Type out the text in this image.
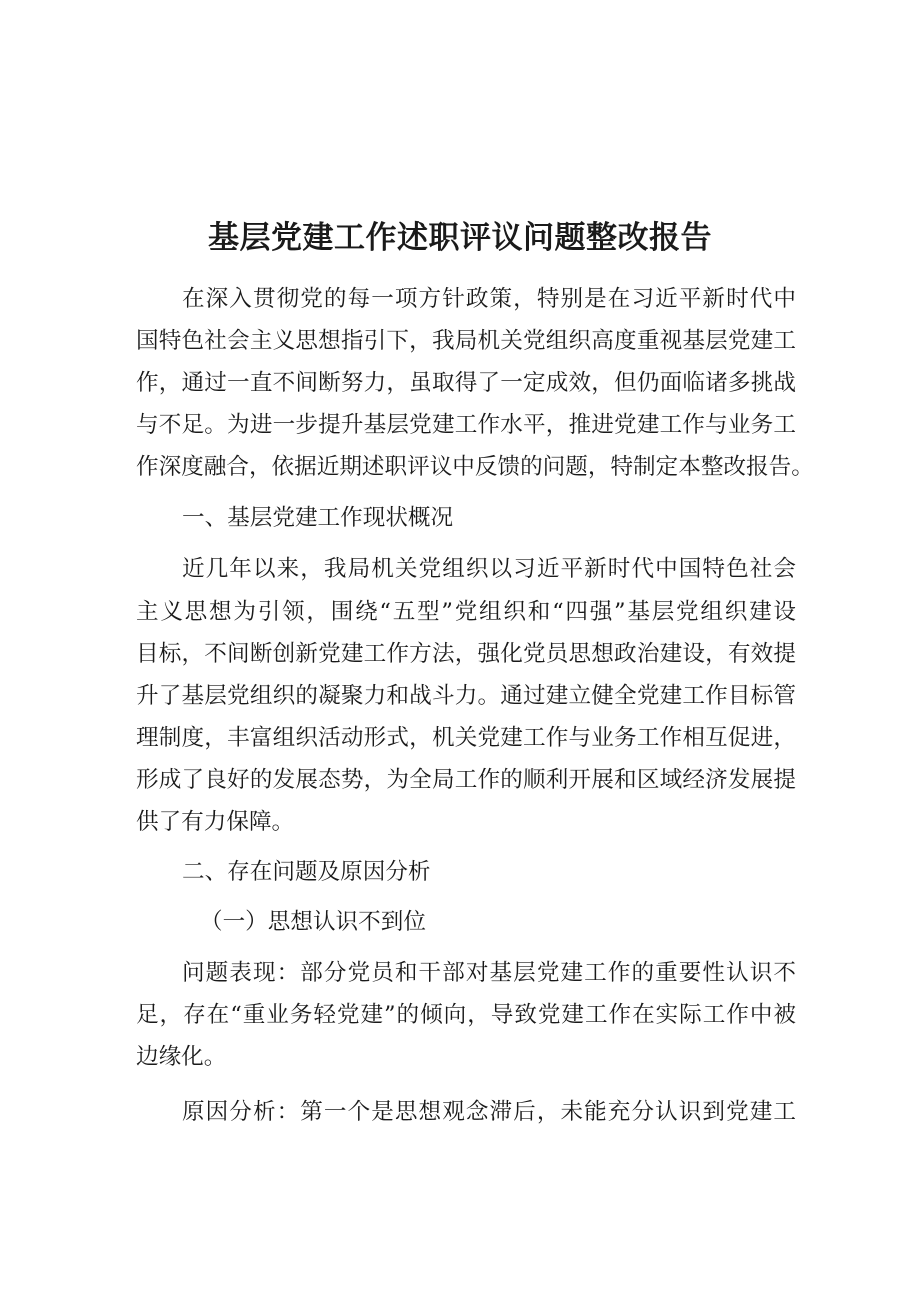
基层党建工作述职评议问题整改报告
在深入贯彻党的每一项方针政策，特别是在习近平新时代中
国特色社会主义思想指引下，我局机关党组织高度重视基层党建工
作，通过一直不间断努力，虽取得了一定成效，但仍面临诸多挑战
与不足。为进一步提升基层党建工作水平，推进党建工作与业务工
作深度融合，依据近期述职评议中反馈的问题，特制定本整改报告。
一、基层党建工作现状概况
近几年以来，我局机关党组织以习近平新时代中国特色社会
主义思想为引领，围绕“五型”党组织和“四强”基层党组织建设
目标，不间断创新党建工作方法，强化党员思想政治建设，有效提
升了基层党组织的凝聚力和战斗力。通过建立健全党建工作目标管
理制度，丰富组织活动形式，机关党建工作与业务工作相互促进，
形成了良好的发展态势，为全局工作的顺利开展和区域经济发展提
供了有力保障。
二、存在问题及原因分析
（一）思想认识不到位
问题表现：部分党员和干部对基层党建工作的重要性认识不
足，存在“重业务轻党建”的倾向，导致党建工作在实际工作中被
边缘化。
原因分析：第一个是思想观念滞后，未能充分认识到党建工
